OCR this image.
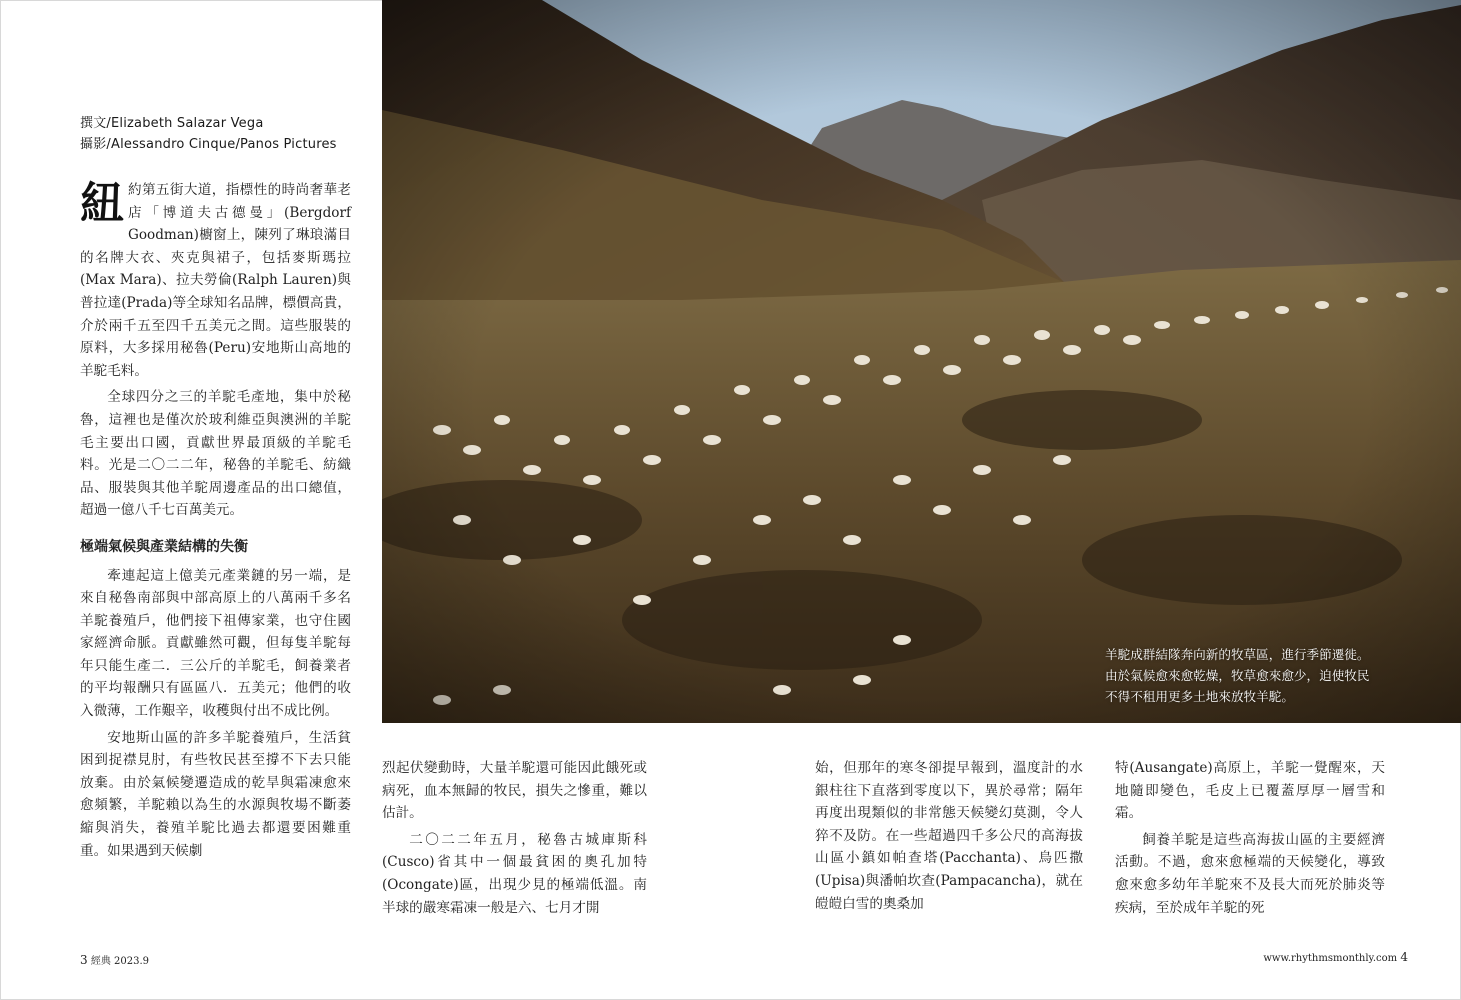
撰文/Elizabeth Salazar Vega
攝影/Alessandro Cinque/Panos Pictures

紐約第五街大道，指標性的時尚奢華老店「博道夫古德曼」(Bergdorf Goodman)櫥窗上，陳列了琳琅滿目的名牌大衣、夾克與裙子，包括麥斯瑪拉(Max Mara)、拉夫勞倫(Ralph Lauren)與普拉達(Prada)等全球知名品牌，標價高貴，介於兩千五至四千五美元之間。這些服裝的原料，大多採用秘魯(Peru)安地斯山高地的羊駝毛料。

全球四分之三的羊駝毛產地，集中於秘魯，這裡也是僅次於玻利維亞與澳洲的羊駝毛主要出口國，貢獻世界最頂級的羊駝毛料。光是二〇二二年，秘魯的羊駝毛、紡織品、服裝與其他羊駝周邊產品的出口總值，超過一億八千七百萬美元。

極端氣候與產業結構的失衡

牽連起這上億美元產業鏈的另一端，是來自秘魯南部與中部高原上的八萬兩千多名羊駝養殖戶，他們接下祖傳家業，也守住國家經濟命脈。貢獻雖然可觀，但每隻羊駝每年只能生產二．三公斤的羊駝毛，飼養業者的平均報酬只有區區八．五美元；他們的收入微薄，工作艱辛，收穫與付出不成比例。

安地斯山區的許多羊駝養殖戶，生活貧困到捉襟見肘，有些牧民甚至撐不下去只能放棄。由於氣候變遷造成的乾旱與霜凍愈來愈頻繁，羊駝賴以為生的水源與牧場不斷萎縮與消失，養殖羊駝比過去都還要困難重重。如果遇到天候劇

羊駝成群結隊奔向新的牧草區，進行季節遷徙。
由於氣候愈來愈乾燥，牧草愈來愈少，迫使牧民
不得不租用更多土地來放牧羊駝。

烈起伏變動時，大量羊駝還可能因此餓死或病死，血本無歸的牧民，損失之慘重，難以估計。

二〇二二年五月，秘魯古城庫斯科(Cusco)省其中一個最貧困的奧孔加特(Ocongate)區，出現少見的極端低溫。南半球的嚴寒霜凍一般是六、七月才開

始，但那年的寒冬卻提早報到，溫度計的水銀柱往下直落到零度以下，異於尋常；隔年再度出現類似的非常態天候變幻莫測，令人猝不及防。在一些超過四千多公尺的高海拔山區小鎮如帕查塔(Pacchanta)、烏匹撒(Upisa)與潘帕坎查(Pampacancha)，就在皚皚白雪的奧桑加

特(Ausangate)高原上，羊駝一覺醒來，天地隨即變色，毛皮上已覆蓋厚厚一層雪和霜。

飼養羊駝是這些高海拔山區的主要經濟活動。不過，愈來愈極端的天候變化，導致愈來愈多幼年羊駝來不及長大而死於肺炎等疾病，至於成年羊駝的死

3 經典 2023.9	www.rhythmsmonthly.com 4
